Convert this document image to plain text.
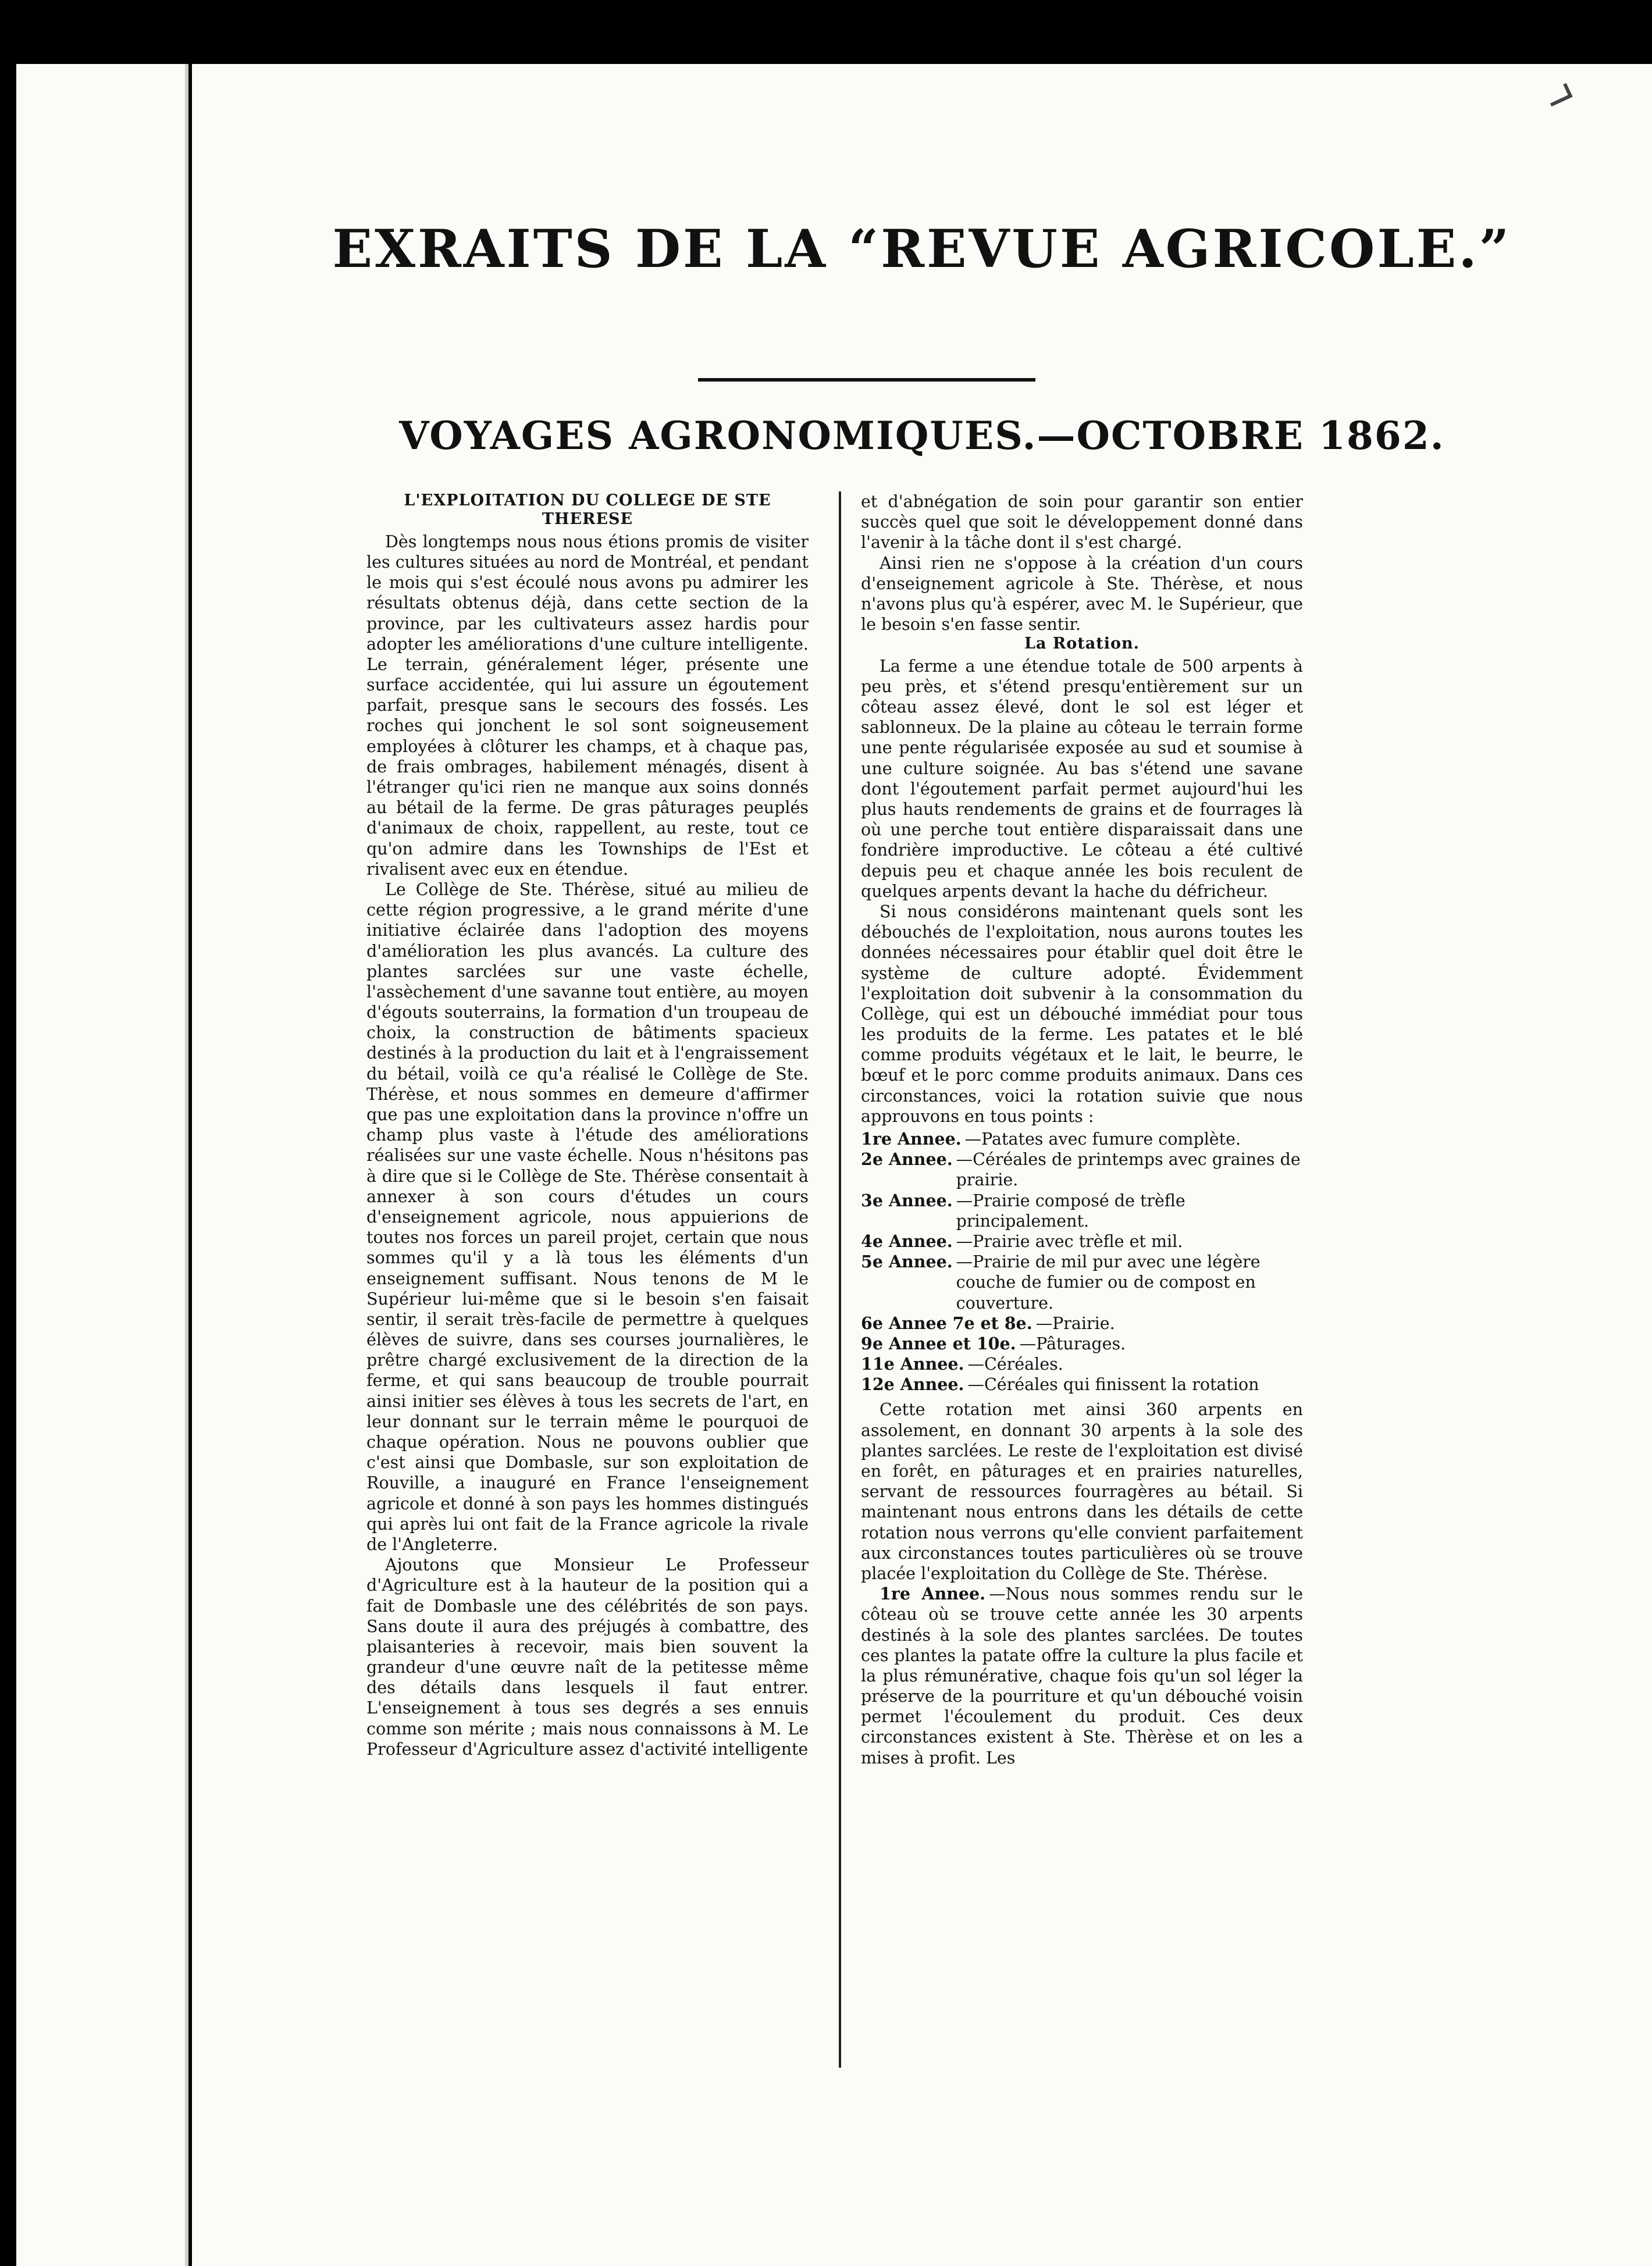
EXRAITS DE LA “REVUE AGRICOLE.”
VOYAGES AGRONOMIQUES.—OCTOBRE 1862.
L'EXPLOITATION DU COLLEGE DE STE THERESE

Dès longtemps nous nous étions promis de visiter les cultures situées au nord de Montréal, et pendant le mois qui s'est écoulé nous avons pu admirer les résultats obtenus déjà, dans cette section de la province, par les cultivateurs assez hardis pour adopter les améliorations d'une culture intelligente. Le terrain, généralement léger, présente une surface accidentée, qui lui assure un égoutement parfait, presque sans le secours des fossés. Les roches qui jonchent le sol sont soigneusement employées à clôturer les champs, et à chaque pas, de frais ombrages, habilement ménagés, disent à l'étranger qu'ici rien ne manque aux soins donnés au bétail de la ferme. De gras pâturages peuplés d'animaux de choix, rappellent, au reste, tout ce qu'on admire dans les Townships de l'Est et rivalisent avec eux en étendue.

Le Collège de Ste. Thérèse, situé au milieu de cette région progressive, a le grand mérite d'une initiative éclairée dans l'adoption des moyens d'amélioration les plus avancés. La culture des plantes sarclées sur une vaste échelle, l'assèchement d'une savanne tout entière, au moyen d'égouts souterrains, la formation d'un troupeau de choix, la construction de bâtiments spacieux destinés à la production du lait et à l'engraissement du bétail, voilà ce qu'a réalisé le Collège de Ste. Thérèse, et nous sommes en demeure d'affirmer que pas une exploitation dans la province n'offre un champ plus vaste à l'étude des améliorations réalisées sur une vaste échelle. Nous n'hésitons pas à dire que si le Collège de Ste. Thérèse consentait à annexer à son cours d'études un cours d'enseignement agricole, nous appuierions de toutes nos forces un pareil projet, certain que nous sommes qu'il y a là tous les éléments d'un enseignement suffisant. Nous tenons de M le Supérieur lui-même que si le besoin s'en faisait sentir, il serait très-facile de permettre à quelques élèves de suivre, dans ses courses journalières, le prêtre chargé exclusivement de la direction de la ferme, et qui sans beaucoup de trouble pourrait ainsi initier ses élèves à tous les secrets de l'art, en leur donnant sur le terrain même le pourquoi de chaque opération. Nous ne pouvons oublier que c'est ainsi que Dombasle, sur son exploitation de Rouville, a inauguré en France l'enseignement agricole et donné à son pays les hommes distingués qui après lui ont fait de la France agricole la rivale de l'Angleterre.

Ajoutons que Monsieur Le Professeur d'Agriculture est à la hauteur de la position qui a fait de Dombasle une des célébrités de son pays. Sans doute il aura des préjugés à combattre, des plaisanteries à recevoir, mais bien souvent la grandeur d'une œuvre naît de la petitesse même des détails dans lesquels il faut entrer. L'enseignement à tous ses degrés a ses ennuis comme son mérite ; mais nous connaissons à M. Le Professeur d'Agriculture assez d'activité intelligente

et d'abnégation de soin pour garantir son entier succès quel que soit le développement donné dans l'avenir à la tâche dont il s'est chargé.

Ainsi rien ne s'oppose à la création d'un cours d'enseignement agricole à Ste. Thérèse, et nous n'avons plus qu'à espérer, avec M. le Supérieur, que le besoin s'en fasse sentir.

La Rotation.

La ferme a une étendue totale de 500 arpents à peu près, et s'étend presqu'entièrement sur un côteau assez élevé, dont le sol est léger et sablonneux. De la plaine au côteau le terrain forme une pente régularisée exposée au sud et soumise à une culture soignée. Au bas s'étend une savane dont l'égoutement parfait permet aujourd'hui les plus hauts rendements de grains et de fourrages là où une perche tout entière disparaissait dans une fondrière improductive. Le côteau a été cultivé depuis peu et chaque année les bois reculent de quelques arpents devant la hache du défricheur.

Si nous considérons maintenant quels sont les débouchés de l'exploitation, nous aurons toutes les données nécessaires pour établir quel doit être le système de culture adopté. Évidemment l'exploitation doit subvenir à la consommation du Collège, qui est un débouché immédiat pour tous les produits de la ferme. Les patates et le blé comme produits végétaux et le lait, le beurre, le bœuf et le porc comme produits animaux. Dans ces circonstances, voici la rotation suivie que nous approuvons en tous points :

1re Annee. —Patates avec fumure complète.
2e Annee. —Céréales de printemps avec graines de prairie.
3e Annee. —Prairie composé de trèfle principalement.
4e Annee. —Prairie avec trèfle et mil.
5e Annee. —Prairie de mil pur avec une légère couche de fumier ou de compost en couverture.
6e Annee 7e et 8e. —Prairie.
9e Annee et 10e. —Pâturages.
11e Annee. —Céréales.
12e Annee. —Céréales qui finissent la rotation

Cette rotation met ainsi 360 arpents en assolement, en donnant 30 arpents à la sole des plantes sarclées. Le reste de l'exploitation est divisé en forêt, en pâturages et en prairies naturelles, servant de ressources fourragères au bétail. Si maintenant nous entrons dans les détails de cette rotation nous verrons qu'elle convient parfaitement aux circonstances toutes particulières où se trouve placée l'exploitation du Collège de Ste. Thérèse.

1re Annee. —Nous nous sommes rendu sur le côteau où se trouve cette année les 30 arpents destinés à la sole des plantes sarclées. De toutes ces plantes la patate offre la culture la plus facile et la plus rémunérative, chaque fois qu'un sol léger la préserve de la pourriture et qu'un débouché voisin permet l'écoulement du produit. Ces deux circonstances existent à Ste. Thèrèse et on les a mises à profit. Les
